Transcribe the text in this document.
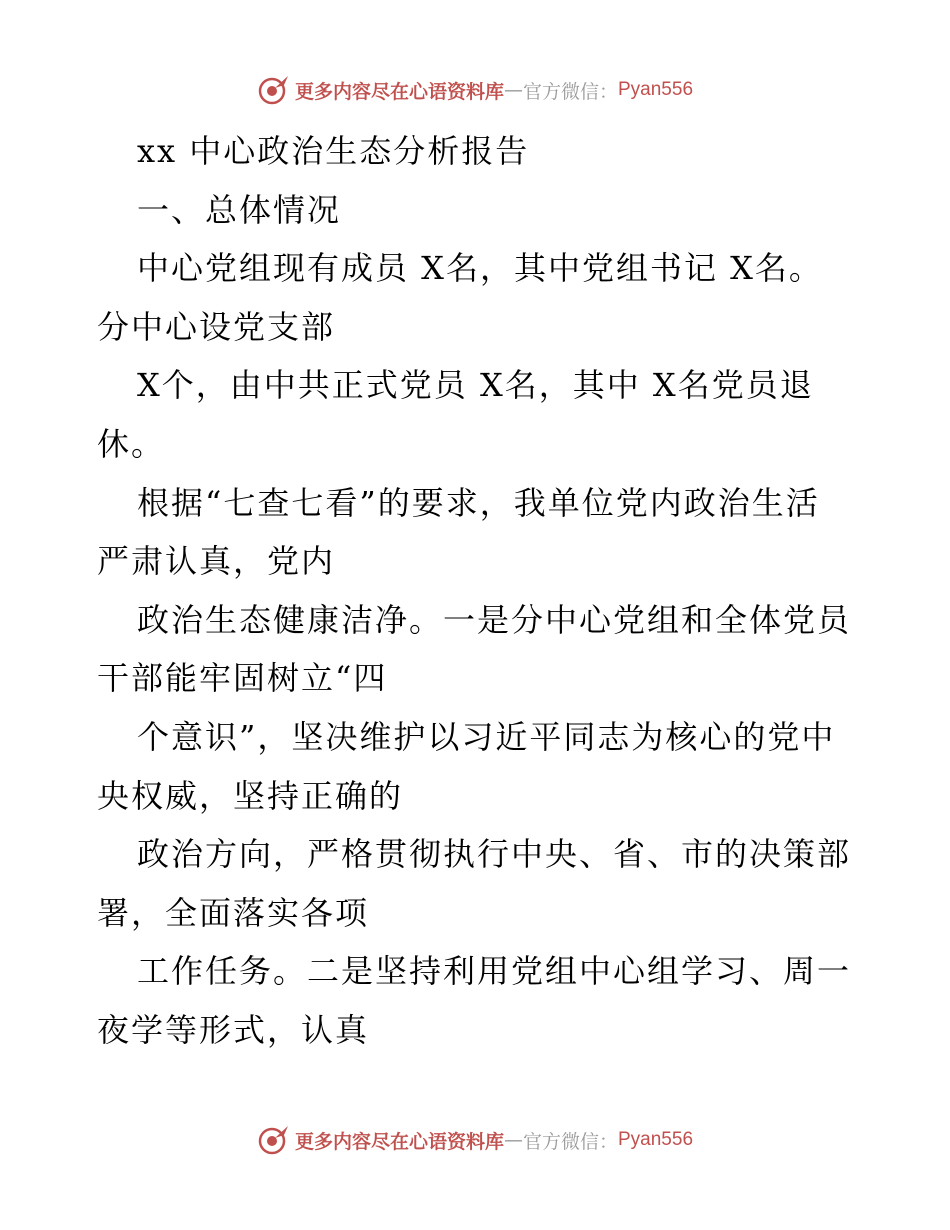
更多内容尽在心语资料库 — 官方微信： Pyan556
xx 中心政治生态分析报告
一、总体情况
中心党组现有成员 X名，其中党组书记 X名。
分中心设党支部
X个，由中共正式党员 X名，其中 X名党员退
休。
根据“七查七看”的要求，我单位党内政治生活
严肃认真，党内
政治生态健康洁净。一是分中心党组和全体党员
干部能牢固树立“四
个意识”，坚决维护以习近平同志为核心的党中
央权威，坚持正确的
政治方向，严格贯彻执行中央、省、市的决策部
署，全面落实各项
工作任务。二是坚持利用党组中心组学习、周一
夜学等形式，认真
更多内容尽在心语资料库 — 官方微信： Pyan556
